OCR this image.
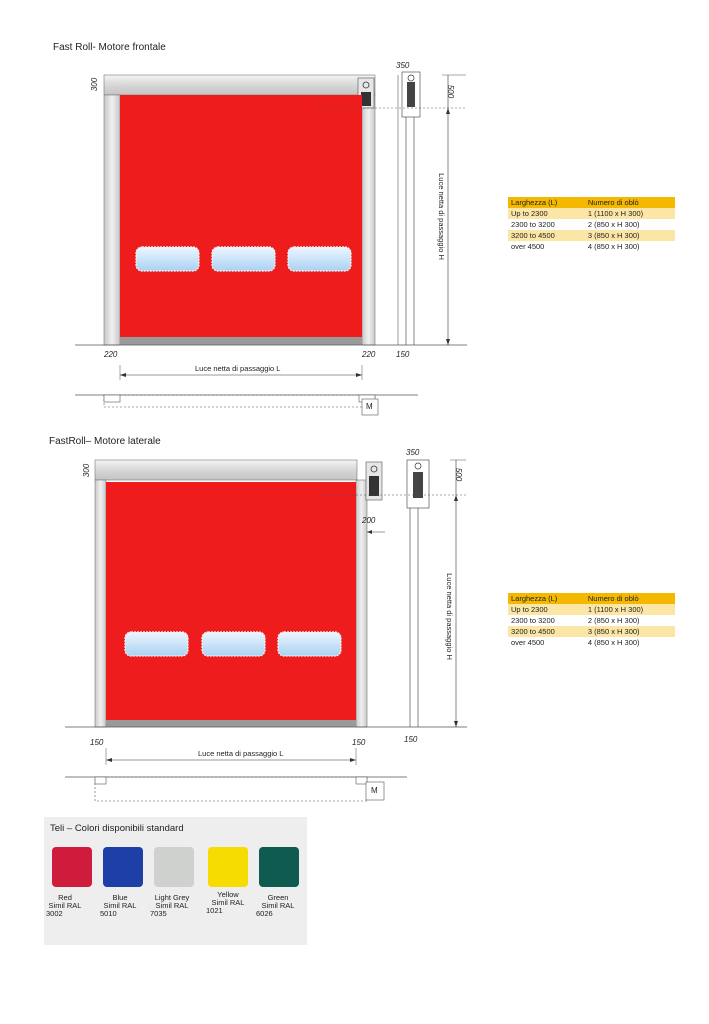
Fast Roll- Motore frontale
300
350
500
220	220	150
Luce netta di passaggio L
Luce netta di passaggio H
M
Larghezza (L)	Numero di oblò
Up to 2300	1 (1100 x H 300)
2300 to 3200	2 (850 x H 300)
3200 to 4500	3 (850 x H 300)
over 4500	4 (850 x H 300)
FastRoll– Motore laterale
300
350
500
200
150	150	150
Luce netta di passaggio L
Luce netta di passaggio H
M
Larghezza (L)	Numero di oblò
Up to 2300	1 (1100 x H 300)
2300 to 3200	2 (850 x H 300)
3200 to 4500	3 (850 x H 300)
over 4500	4 (850 x H 300)
Teli – Colori disponibili standard
Red
Simil RAL
3002
Blue
Simil RAL
5010
Light Grey
Simil RAL
7035
Yellow
Simil RAL
1021
Green
Simil RAL
6026
